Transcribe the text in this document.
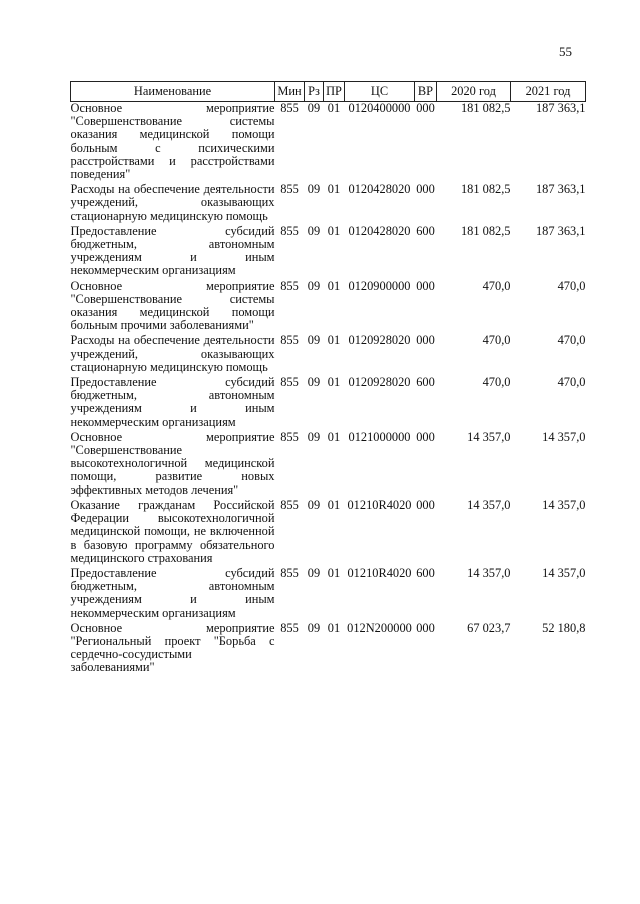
55
Наименование	Мин	Рз	ПР	ЦС	ВР	2020 год	2021 год
Основное мероприятие "Совершенствование системы оказания медицинской помощи больным с психическими расстройствами и расстройствами поведения"	855	09	01	0120400000	000	181 082,5	187 363,1
Расходы на обеспечение деятельности учреждений, оказывающих стационарную медицинскую помощь	855	09	01	0120428020	000	181 082,5	187 363,1
Предоставление субсидий бюджетным, автономным учреждениям и иным некоммерческим организациям	855	09	01	0120428020	600	181 082,5	187 363,1
Основное мероприятие "Совершенствование системы оказания медицинской помощи больным прочими заболеваниями"	855	09	01	0120900000	000	470,0	470,0
Расходы на обеспечение деятельности учреждений, оказывающих стационарную медицинскую помощь	855	09	01	0120928020	000	470,0	470,0
Предоставление субсидий бюджетным, автономным учреждениям и иным некоммерческим организациям	855	09	01	0120928020	600	470,0	470,0
Основное мероприятие "Совершенствование высокотехнологичной медицинской помощи, развитие новых эффективных методов лечения"	855	09	01	0121000000	000	14 357,0	14 357,0
Оказание гражданам Российской Федерации высокотехнологичной медицинской помощи, не включенной в базовую программу обязательного медицинского страхования	855	09	01	01210R4020	000	14 357,0	14 357,0
Предоставление субсидий бюджетным, автономным учреждениям и иным некоммерческим организациям	855	09	01	01210R4020	600	14 357,0	14 357,0
Основное мероприятие "Региональный проект "Борьба с сердечно-сосудистыми заболеваниями"	855	09	01	012N200000	000	67 023,7	52 180,8
